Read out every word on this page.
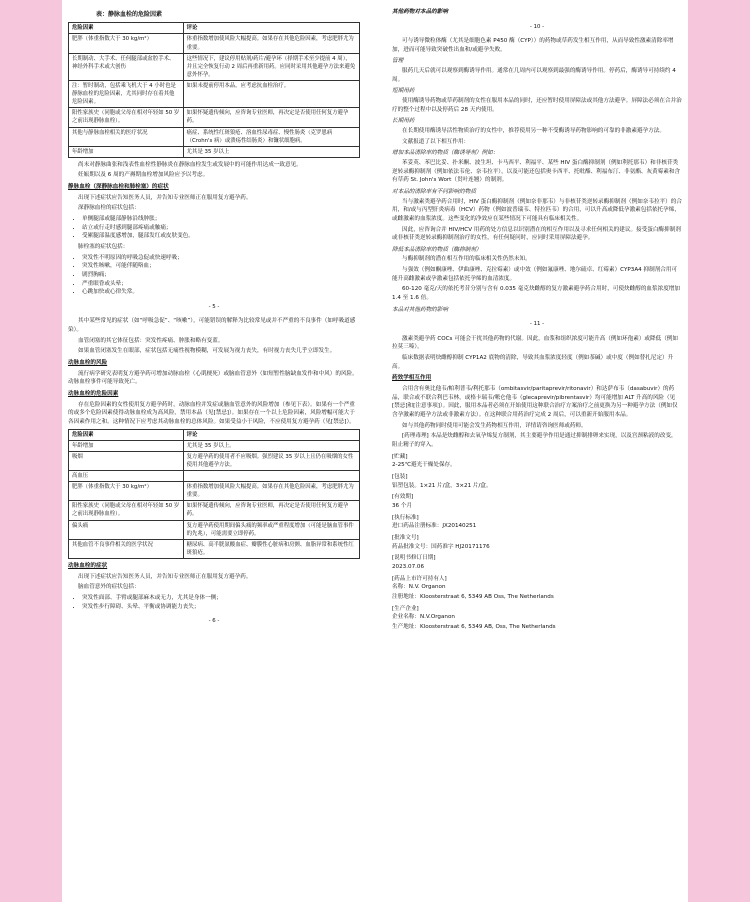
表：静脉血栓的危险因素
危险因素	评论
肥胖（体重指数大于 30 kg/m²）	体重指数增加使风险大幅提高。如果存在其他危险因素，考虑肥胖尤为重要。
长期制动、大手术、任何腿部或盆腔手术、神经外科手术或大创伤	这些情况下，建议停用贴剂/药片/避孕环（择期手术至少提前 4 周），并且完全恢复行动 2 周后再重新用药。应同时采用其他避孕方法来避免意外怀孕。
注：暂时制动，包括乘飞机大于 4 小时也是静脉血栓的危险因素，尤其同时存在着其他危险因素。	如果未提前停用本品，应考虑抗血栓治疗。
阳性家族史（同胞或父母在相对年轻如 50 岁之前出现静脉血栓）。	如果怀疑遗传倾向，应咨询专业医师，再决定是否使用任何复方避孕药。
其他与静脉血栓相关的医疗状况	癌症、系统性红斑狼疮、溶血性尿毒症、慢性肠炎（克罗恩病（Crohn's 病）或溃疡性结肠炎）和镰状细胞病。
年龄增加	尤其是 35 岁以上

尚未对静脉曲张和浅表性血栓性静脉炎在静脉血栓发生或发展中的可能作用达成一致意见。

妊娠期以及 6 周的产褥期血栓增加风险应予以考虑。

静脉血栓（深静脉血栓和肺栓塞）的症状

出现下述症状应告知医务人员，并告知专业医师正在服用复方避孕药。

深静脉血栓的症状包括：

• 单侧腿部或腿部静脉沿线肿胀；
• 站立或行走时感到腿部疼痛或触痛；
• 受累腿部温度感增加，腿部发红或皮肤变色。

肺栓塞的症状包括：

• 突发性不明原因的呼吸急促或快速呼吸；
• 突发性咳嗽，可能伴随咯血；
• 剧烈胸痛；
• 严重眼昏或头晕；
• 心跳加快或心律失常。
- 5 -

其中某些常见的症状（如“呼吸急促”、“咳嗽”），可能错误的解释为比较常见或并不严重的不良事件（如呼吸道感染）。

血管闭塞的其它体征包括：突发性疼痛、肿胀和略有变蓝。

如果血管闭塞发生在眼部，症状包括无痛性视物模糊，可发展为视力丧失，有时视力丧失几乎立即发生。

动脉血栓的风险

流行病学研究表明复方避孕药可增加动脉血栓（心肌梗死）或脑血管意外（如短暂性脑缺血发作和中风）的风险。动脉血栓事件可能导致死亡。

动脉血栓的危险因素

存在危险因素的女性使用复方避孕药时，动脉血栓并发症或脑血管意外的风险增加（参见下表）。如果有一个严重的或多个危险因素使得动脉血栓成为高风险，禁用本品（见[禁忌]）。如果存在一个以上危险因素，风险增幅可能大于各因素作用之和。这种情况下应考虑其动脉血栓的总体风险。如果受益小于风险，不应使用复方避孕药（见[禁忌]）。

危险因素	评论
年龄增加	尤其是 35 岁以上。
吸烟	复方避孕药的使用者不应吸烟。强烈建议 35 岁以上且仍在吸烟的女性使用其他避孕方法。
高血压	
肥胖（体重指数大于 30 kg/m²）	体重指数增加使风险大幅提高。如果存在其他危险因素，考虑肥胖尤为重要。
阳性家族史（同胞或父母在相对年轻如 50 岁之前出现静脉血栓）。	如果怀疑遗传倾向，应咨询专业医师，再决定是否使用任何复方避孕药。
偏头痛	复方避孕药使用期间偏头痛的频率或严重程度增加（可能是脑血管事件的先兆），可能需要立即停药。
其他血管不良事件相关的医学状况	糖尿病、高半胱氨酸血症、瓣膜性心脏病和房颤、血脂异常和系统性红斑狼疮。
动脉血栓的症状

出现下述症状应告知医务人员，并告知专业医师正在服用复方避孕药。

脑血管意外的症状包括：

• 突发性面部、手臂或腿部麻木或无力，尤其是身体一侧；
• 突发性步行障碍、头晕、平衡或协调能力丧失；
- 6 -
其他药物对本品的影响
- 10 -

可与诱导微粒体酶（尤其是细胞色素 P450 酶（CYP））的药物或草药发生相互作用，从而导致性激素清除率增加，进而可能导致突破性出血和/或避孕失败。

管理

服药几天后就可以观察到酶诱导作用。通常在几周内可以观察到最强的酶诱导作用。停药后，酶诱导可持续约 4 周。

短期用药

使用酶诱导药物或草药制剂的女性在服用本品的同时，还应暂时使用屏障法或其他方法避孕。屏障法必须在合并治疗的整个过程中以及停药后 28 天内使用。

长期用药

在长期使用酶诱导活性物质治疗的女性中，推荐使用另一种不受酶诱导药物影响的可靠的非激素避孕方法。

文献报道了以下相互作用：

增加本品清除率的物质（酶诱导剂）例如：

苯妥英、苯巴比妥、扑米酮、波生坦、卡马西平、利福平、某些 HIV 蛋白酶抑制剂（例如利托那韦）和非核苷类逆转录酶抑制剂（例如依法韦伦、奈韦拉平），以及可能还包括奥卡西平、托吡酯、利福布汀、非氨酯、灰黄霉素和含有草药 St. John's Wort（贯叶连翘）的制剂。

对本品的清除率有不同影响的物质

当与激素类避孕药合用时，HIV 蛋白酶抑制剂（例如奈非那韦）与非核苷类逆转录酶抑制剂（例如奈韦拉平）的合用，和/或与丙型肝炎病毒（HCV）药物（例如波普瑞韦、特拉匹韦）的合用，可以升高或降低孕激素包括依托孕烯，或雌激素的血浆浓度。这些变化的净效应在某些情况下可能具有临床相关性。

因此，应咨询合并 HIV/HCV 用药的处方信息以识别潜在的相互作用以及寻求任何相关的建议。接受蛋白酶抑制剂或非核苷类逆转录酶抑制剂治疗的女性，有任何疑问时，应同时采用屏障法避孕。

降低本品清除率的物质（酶抑制剂）

与酶抑制剂的潜在相互作用的临床相关性仍然未知。

与强效（例如酮康唑、伊曲康唑、克拉霉素）或中效（例如氟康唑、地尔硫卓、红霉素）CYP3A4 抑制剂合用可能升高雌激素或孕激素包括依托孕烯的血清浓度。

60-120 毫克/天的依托考昔分别与含有 0.035 毫克炔雌醇的复方激素避孕药合用时，可使炔雌醇的血浆浓度增加 1.4 至 1.6 倍。

本品对其他药物的影响
- 11 -

激素类避孕药 COCs 可能会干扰其他药物的代谢。因此，血浆和组织浓度可能升高（例如环孢素）或降低（例如拉莫三嗪）。

临床数据表明炔雌醇抑制 CYP1A2 底物的清除，导致其血浆浓度轻度（例如茶碱）或中度（例如替扎尼定）升高。

药效学相互作用

合用含有奥比他韦/帕利普韦/利托那韦（ombitasvir/paritaprevir/ritonavir）和达萨布韦（dasabuvir）的药品，联合或不联合利巴韦林，或格卡瑞韦/哌仑他韦（glecaprevir/pibrentasvir）均可能增加 ALT 升高的风险（见[禁忌]和[注意事项]）。因此，服用本品者必须在开始使用这种联合治疗方案治疗之前更换为另一种避孕方法（例如仅含孕激素的避孕方法或非激素方法）。在这种联合用药治疗完成 2 周后，可以重新开始服用本品。

如与其他药物同时使用可能会发生药物相互作用，详情请咨询医师或药师。

[药理毒理] 本品是炔雌醇和去氧孕烯复方制剂，其主要避孕作用是通过抑制排卵来实现，以及宫颈粘液的改变，阻止精子的穿入。

[贮藏]
2-25℃避光干燥处保存。
[包装]
铝塑包装。1×21 片/盒，3×21 片/盒。
[有效期]
36 个月
[执行标准]
进口药品注册标准：JX20140251
[批准文号]
药品批准文号：国药准字 HJ20171176
[说明书修订日期]
2023.07.06
[药品上市许可持有人]
名称：N.V. Organon
注册地址：Kloosterstraat 6, 5349 AB Oss, The Netherlands
[生产企业]
企业名称：N.V.Organon
生产地址：Kloosterstraat 6, 5349 AB, Oss, The Netherlands
